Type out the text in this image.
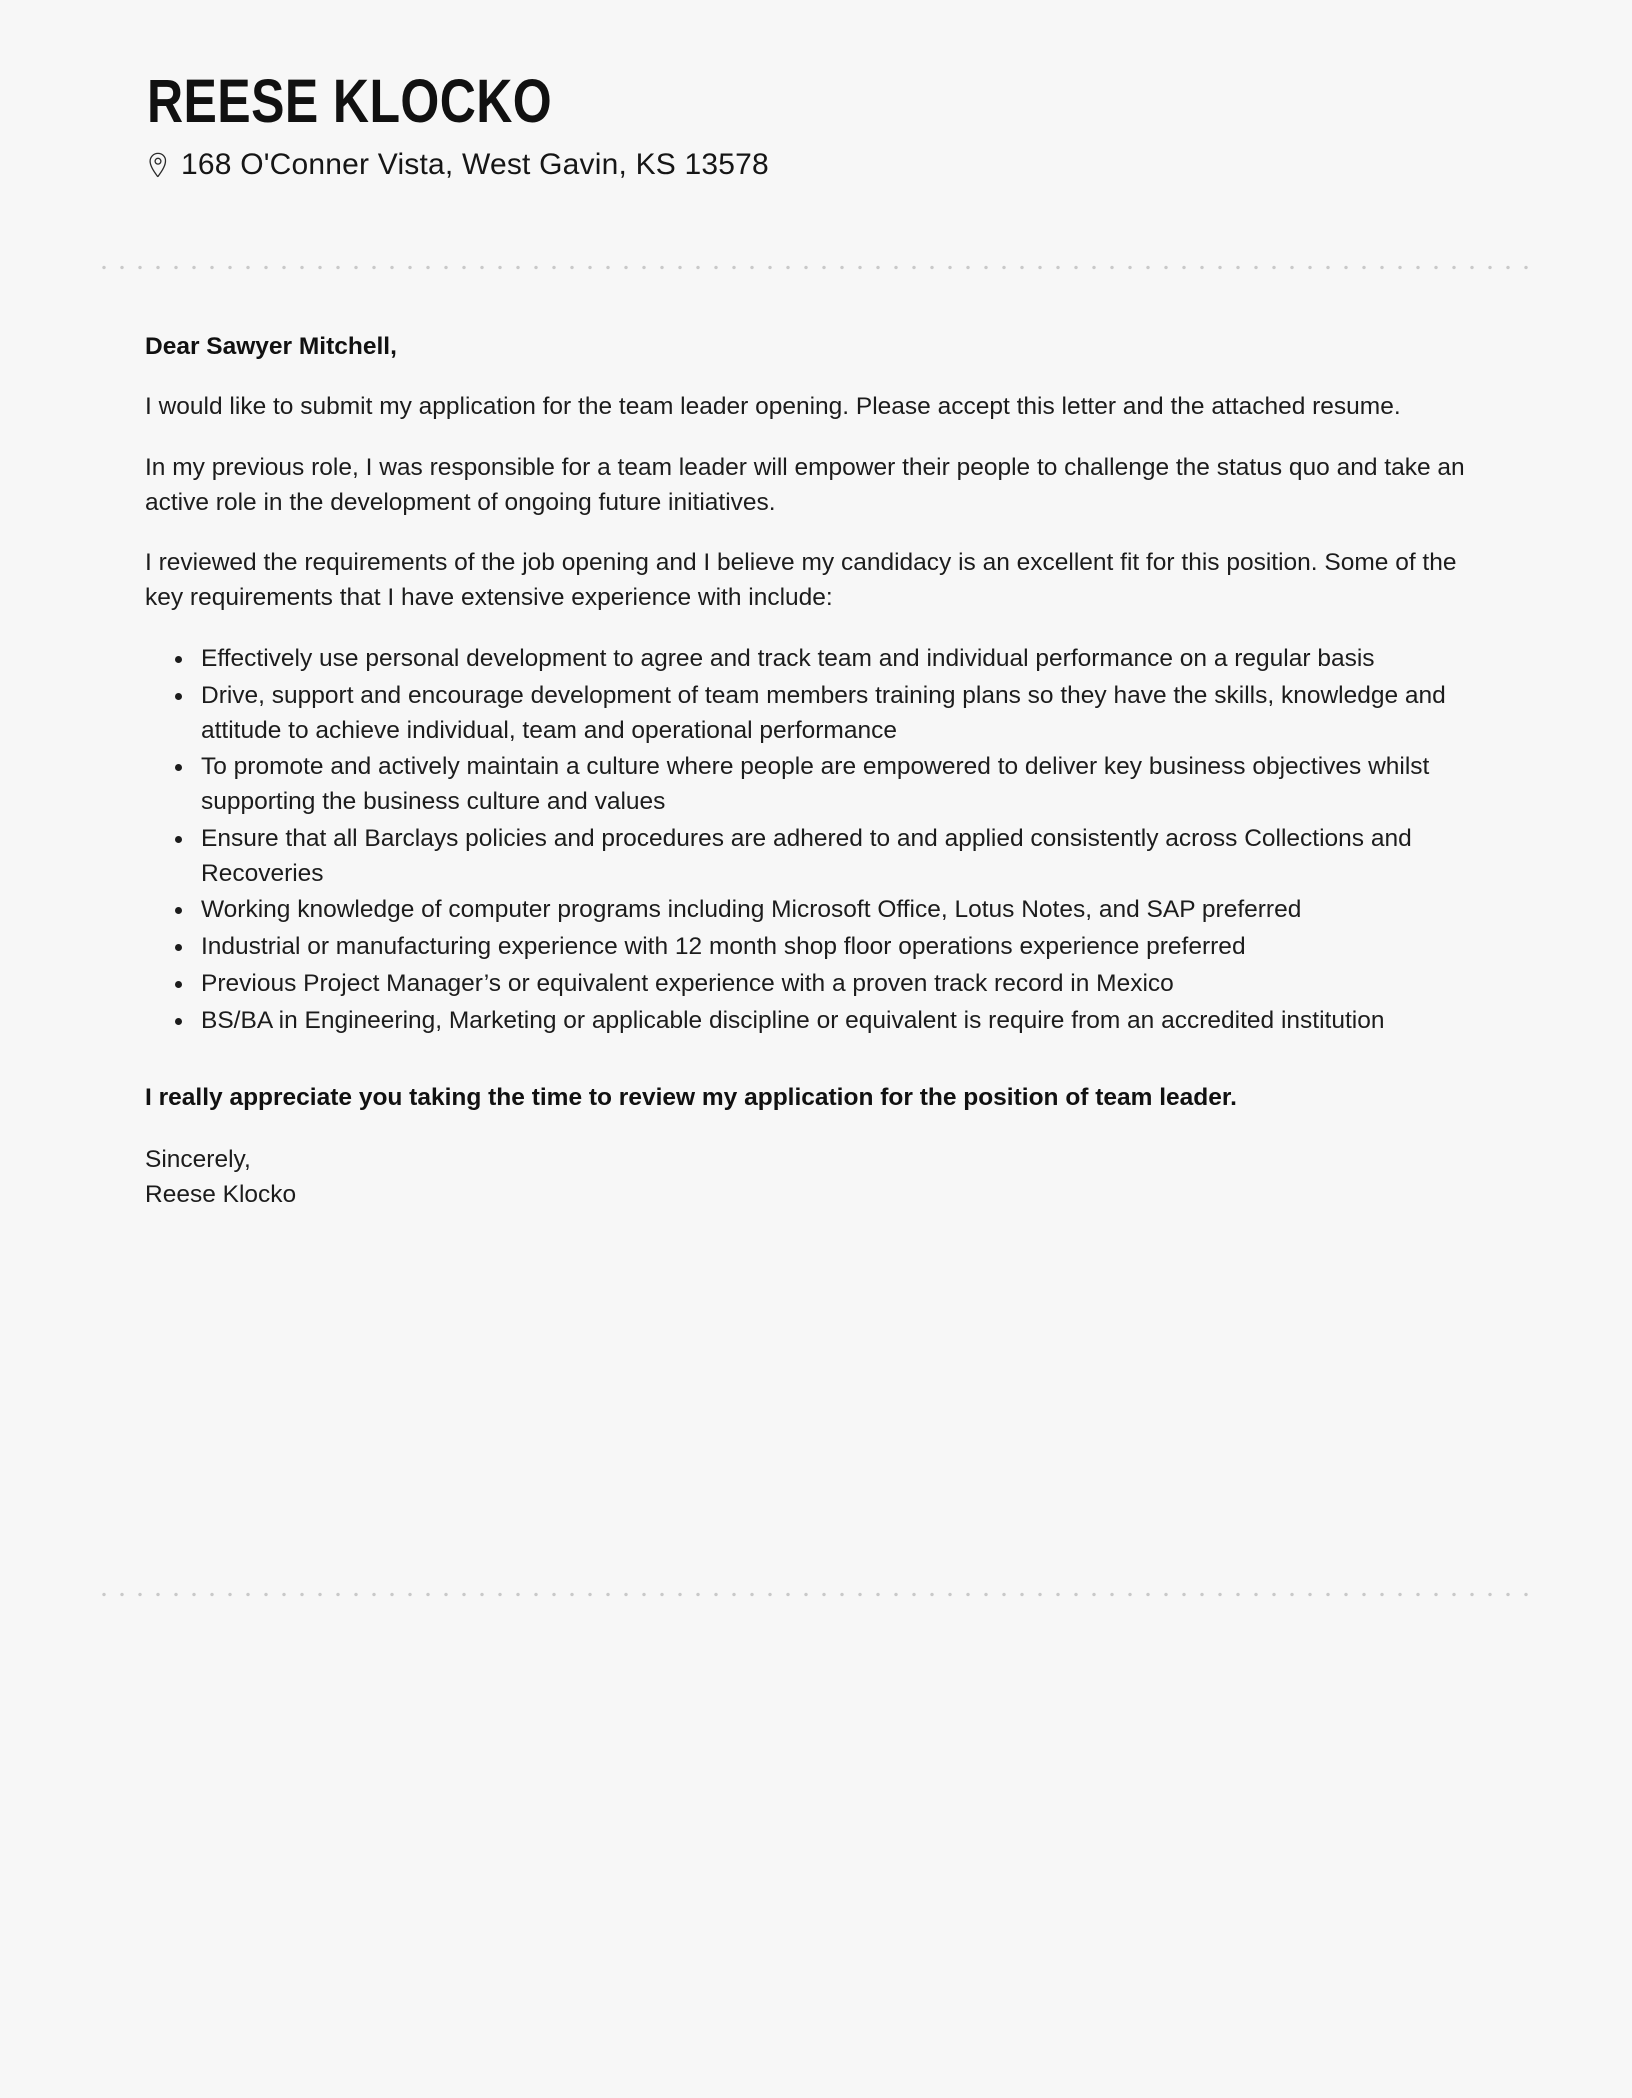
REESE KLOCKO
168 O'Conner Vista, West Gavin, KS 13578

Dear Sawyer Mitchell,

I would like to submit my application for the team leader opening. Please accept this letter and the attached resume.

In my previous role, I was responsible for a team leader will empower their people to challenge the status quo and take an active role in the development of ongoing future initiatives.

I reviewed the requirements of the job opening and I believe my candidacy is an excellent fit for this position. Some of the key requirements that I have extensive experience with include:

Effectively use personal development to agree and track team and individual performance on a regular basis
Drive, support and encourage development of team members training plans so they have the skills, knowledge and attitude to achieve individual, team and operational performance
To promote and actively maintain a culture where people are empowered to deliver key business objectives whilst supporting the business culture and values
Ensure that all Barclays policies and procedures are adhered to and applied consistently across Collections and Recoveries
Working knowledge of computer programs including Microsoft Office, Lotus Notes, and SAP preferred
Industrial or manufacturing experience with 12 month shop floor operations experience preferred
Previous Project Manager’s or equivalent experience with a proven track record in Mexico
BS/BA in Engineering, Marketing or applicable discipline or equivalent is require from an accredited institution

I really appreciate you taking the time to review my application for the position of team leader.

Sincerely,
Reese Klocko
